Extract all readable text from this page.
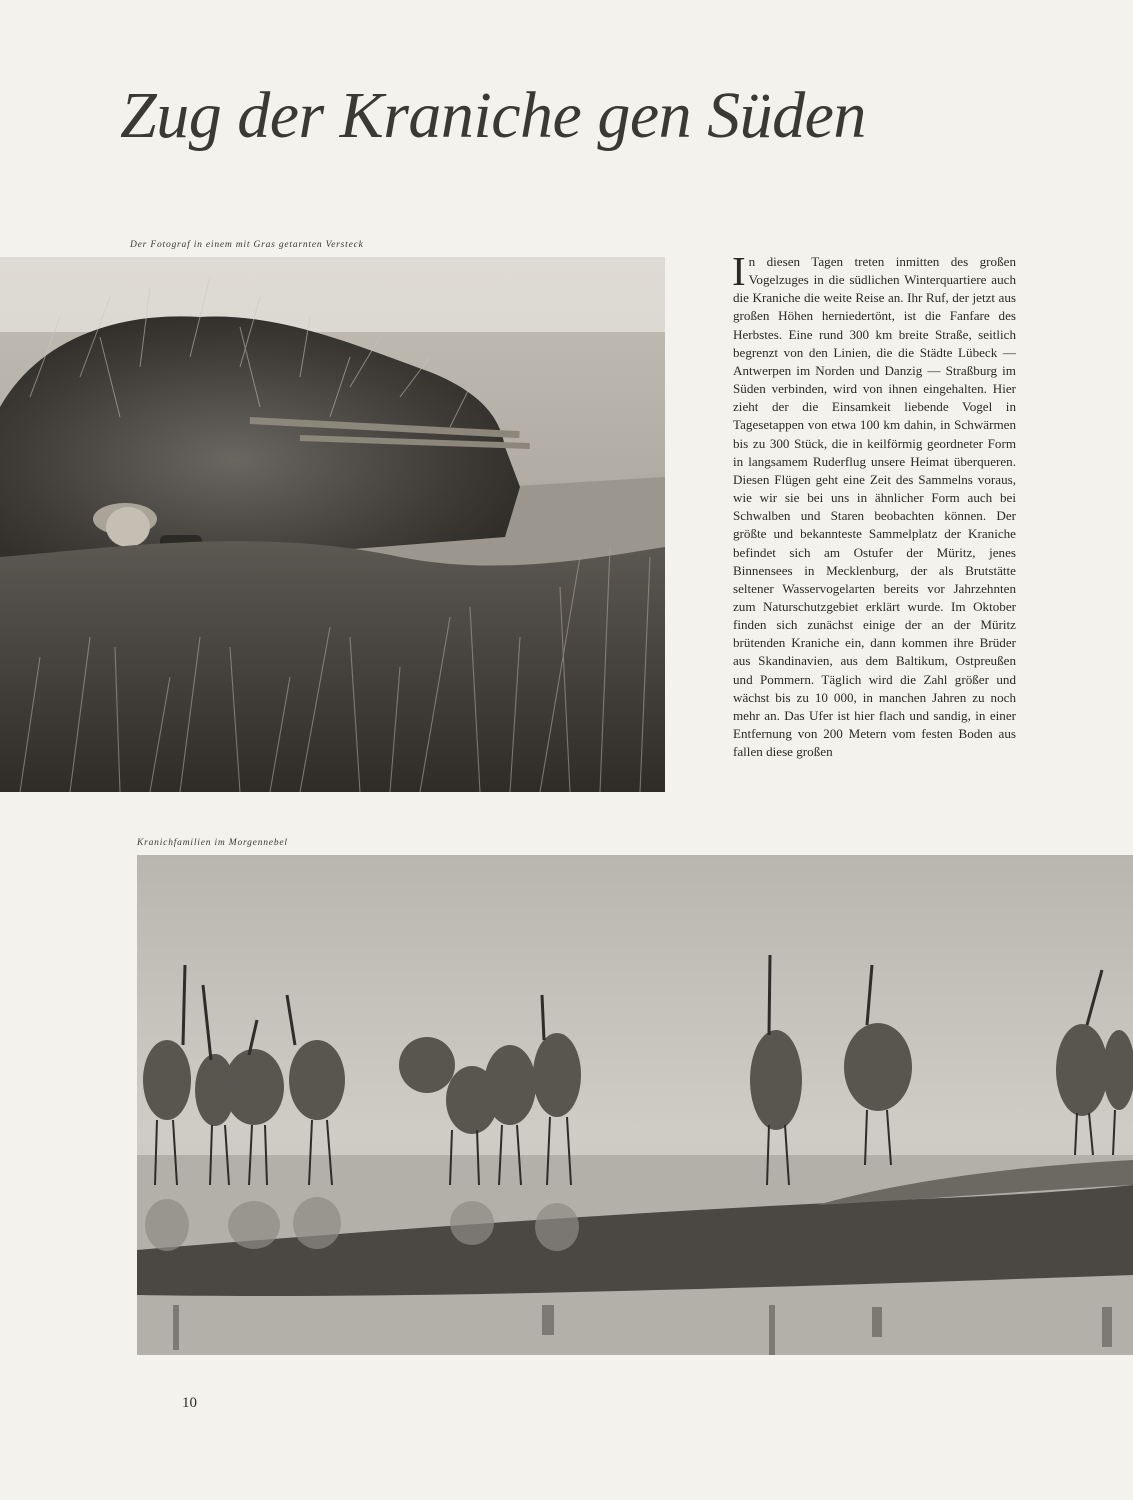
Zug der Kraniche gen Süden
Der Fotograf in einem mit Gras getarnten Versteck

In diesen Tagen treten inmitten des großen Vogelzuges in die südlichen Winterquartiere auch die Kraniche die weite Reise an. Ihr Ruf, der jetzt aus großen Höhen herniedertönt, ist die Fanfare des Herbstes. Eine rund 300 km breite Straße, seitlich begrenzt von den Linien, die die Städte Lübeck — Antwerpen im Norden und Danzig — Straßburg im Süden verbinden, wird von ihnen eingehalten. Hier zieht der die Einsamkeit liebende Vogel in Tagesetappen von etwa 100 km dahin, in Schwärmen bis zu 300 Stück, die in keilförmig geordneter Form in langsamem Ruderflug unsere Heimat überqueren. Diesen Flügen geht eine Zeit des Sammelns voraus, wie wir sie bei uns in ähnlicher Form auch bei Schwalben und Staren beobachten können. Der größte und bekannteste Sammelplatz der Kraniche befindet sich am Ostufer der Müritz, jenes Binnensees in Mecklenburg, der als Brutstätte seltener Wasservogelarten bereits vor Jahrzehnten zum Naturschutzgebiet erklärt wurde. Im Oktober finden sich zunächst einige der an der Müritz brütenden Kraniche ein, dann kommen ihre Brüder aus Skandinavien, aus dem Baltikum, Ostpreußen und Pommern. Täglich wird die Zahl größer und wächst bis zu 10 000, in manchen Jahren zu noch mehr an. Das Ufer ist hier flach und sandig, in einer Entfernung von 200 Metern vom festen Boden aus fallen diese großen

Kranichfamilien im Morgennebel
10
